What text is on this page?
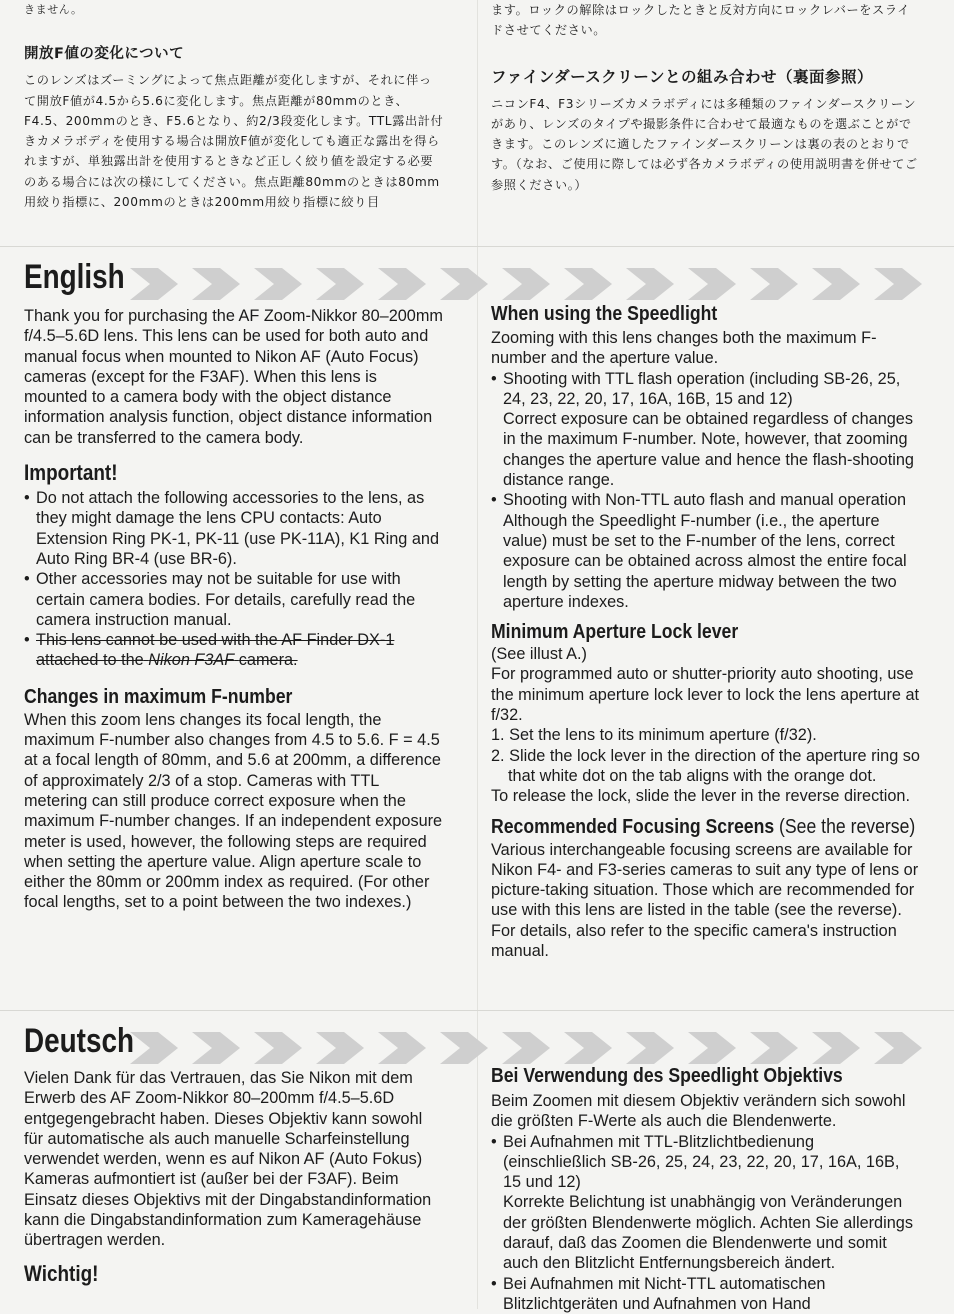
きません。

開放F値の変化について

このレンズはズーミングによって焦点距離が変化しますが、それに伴って開放F値が4.5から5.6に変化します。焦点距離が80mmのとき、F4.5、200mmのとき、F5.6となり、約2/3段変化します。TTL露出計付きカメラボディを使用する場合は開放F値が変化しても適正な露出を得られますが、単独露出計を使用するときなど正しく絞り値を設定する必要のある場合には次の様にしてください。焦点距離80mmのときは80mm用絞り指標に、200mmのときは200mm用絞り指標に絞り目

ます。ロックの解除はロックしたときと反対方向にロックレバーをスライドさせてください。

ファインダースクリーンとの組み合わせ（裏面参照）

ニコンF4、F3シリーズカメラボディには多種類のファインダースクリーンがあり、レンズのタイプや撮影条件に合わせて最適なものを選ぶことができます。このレンズに適したファインダースクリーンは裏の表のとおりです。（なお、ご使用に際しては必ず各カメラボディの使用説明書を併せてご参照ください。）

English

Thank you for purchasing the AF Zoom-Nikkor 80–200mm f/4.5–5.6D lens. This lens can be used for both auto and manual focus when mounted to Nikon AF (Auto Focus) cameras (except for the F3AF). When this lens is mounted to a camera body with the object distance information analysis function, object distance information can be transferred to the camera body.

Important!

• Do not attach the following accessories to the lens, as they might damage the lens CPU contacts: Auto Extension Ring PK-1, PK-11 (use PK-11A), K1 Ring and Auto Ring BR-4 (use BR-6).
• Other accessories may not be suitable for use with certain camera bodies. For details, carefully read the camera instruction manual.
• This lens cannot be used with the AF Finder DX-1 attached to the Nikon F3AF camera.

Changes in maximum F-number

When this zoom lens changes its focal length, the maximum F-number also changes from 4.5 to 5.6. F = 4.5 at a focal length of 80mm, and 5.6 at 200mm, a difference of approximately 2/3 of a stop. Cameras with TTL metering can still produce correct exposure when the maximum F-number changes. If an independent exposure meter is used, however, the following steps are required when setting the aperture value. Align aperture scale to either the 80mm or 200mm index as required. (For other focal lengths, set to a point between the two indexes.)

When using the Speedlight

Zooming with this lens changes both the maximum F-number and the aperture value.

• Shooting with TTL flash operation (including SB-26, 25, 24, 23, 22, 20, 17, 16A, 16B, 15 and 12)
Correct exposure can be obtained regardless of changes in the maximum F-number. Note, however, that zooming changes the aperture value and hence the flash-shooting distance range.
• Shooting with Non-TTL auto flash and manual operation
Although the Speedlight F-number (i.e., the aperture value) must be set to the F-number of the lens, correct exposure can be obtained across almost the entire focal length by setting the aperture midway between the two aperture indexes.

Minimum Aperture Lock lever

(See illust A.)

For programmed auto or shutter-priority auto shooting, use the minimum aperture lock lever to lock the lens aperture at f/32.

1. Set the lens to its minimum aperture (f/32).
2. Slide the lock lever in the direction of the aperture ring so that white dot on the tab aligns with the orange dot.

To release the lock, slide the lever in the reverse direction.

Recommended Focusing Screens (See the reverse)

Various interchangeable focusing screens are available for Nikon F4- and F3-series cameras to suit any type of lens or picture-taking situation. Those which are recommended for use with this lens are listed in the table (see the reverse). For details, also refer to the specific camera's instruction manual.

Deutsch

Vielen Dank für das Vertrauen, das Sie Nikon mit dem Erwerb des AF Zoom-Nikkor 80–200mm f/4.5–5.6D entgegengebracht haben. Dieses Objektiv kann sowohl für automatische als auch manuelle Scharfeinstellung verwendet werden, wenn es auf Nikon AF (Auto Fokus) Kameras aufmontiert ist (außer bei der F3AF). Beim Einsatz dieses Objektivs mit der Dingabstandinformation kann die Dingabstandinformation zum Kameragehäuse übertragen werden.

Wichtig!

Bei Verwendung des Speedlight Objektivs

Beim Zoomen mit diesem Objektiv verändern sich sowohl die größten F-Werte als auch die Blendenwerte.

• Bei Aufnahmen mit TTL-Blitzlichtbedienung (einschließlich SB-26, 25, 24, 23, 22, 20, 17, 16A, 16B, 15 und 12)
Korrekte Belichtung ist unabhängig von Veränderungen der größten Blendenwerte möglich. Achten Sie allerdings darauf, daß das Zoomen die Blendenwerte und somit auch den Blitzlicht Entfernungsbereich ändert.
• Bei Aufnahmen mit Nicht-TTL automatischen Blitzlichtgeräten und Aufnahmen von Hand
